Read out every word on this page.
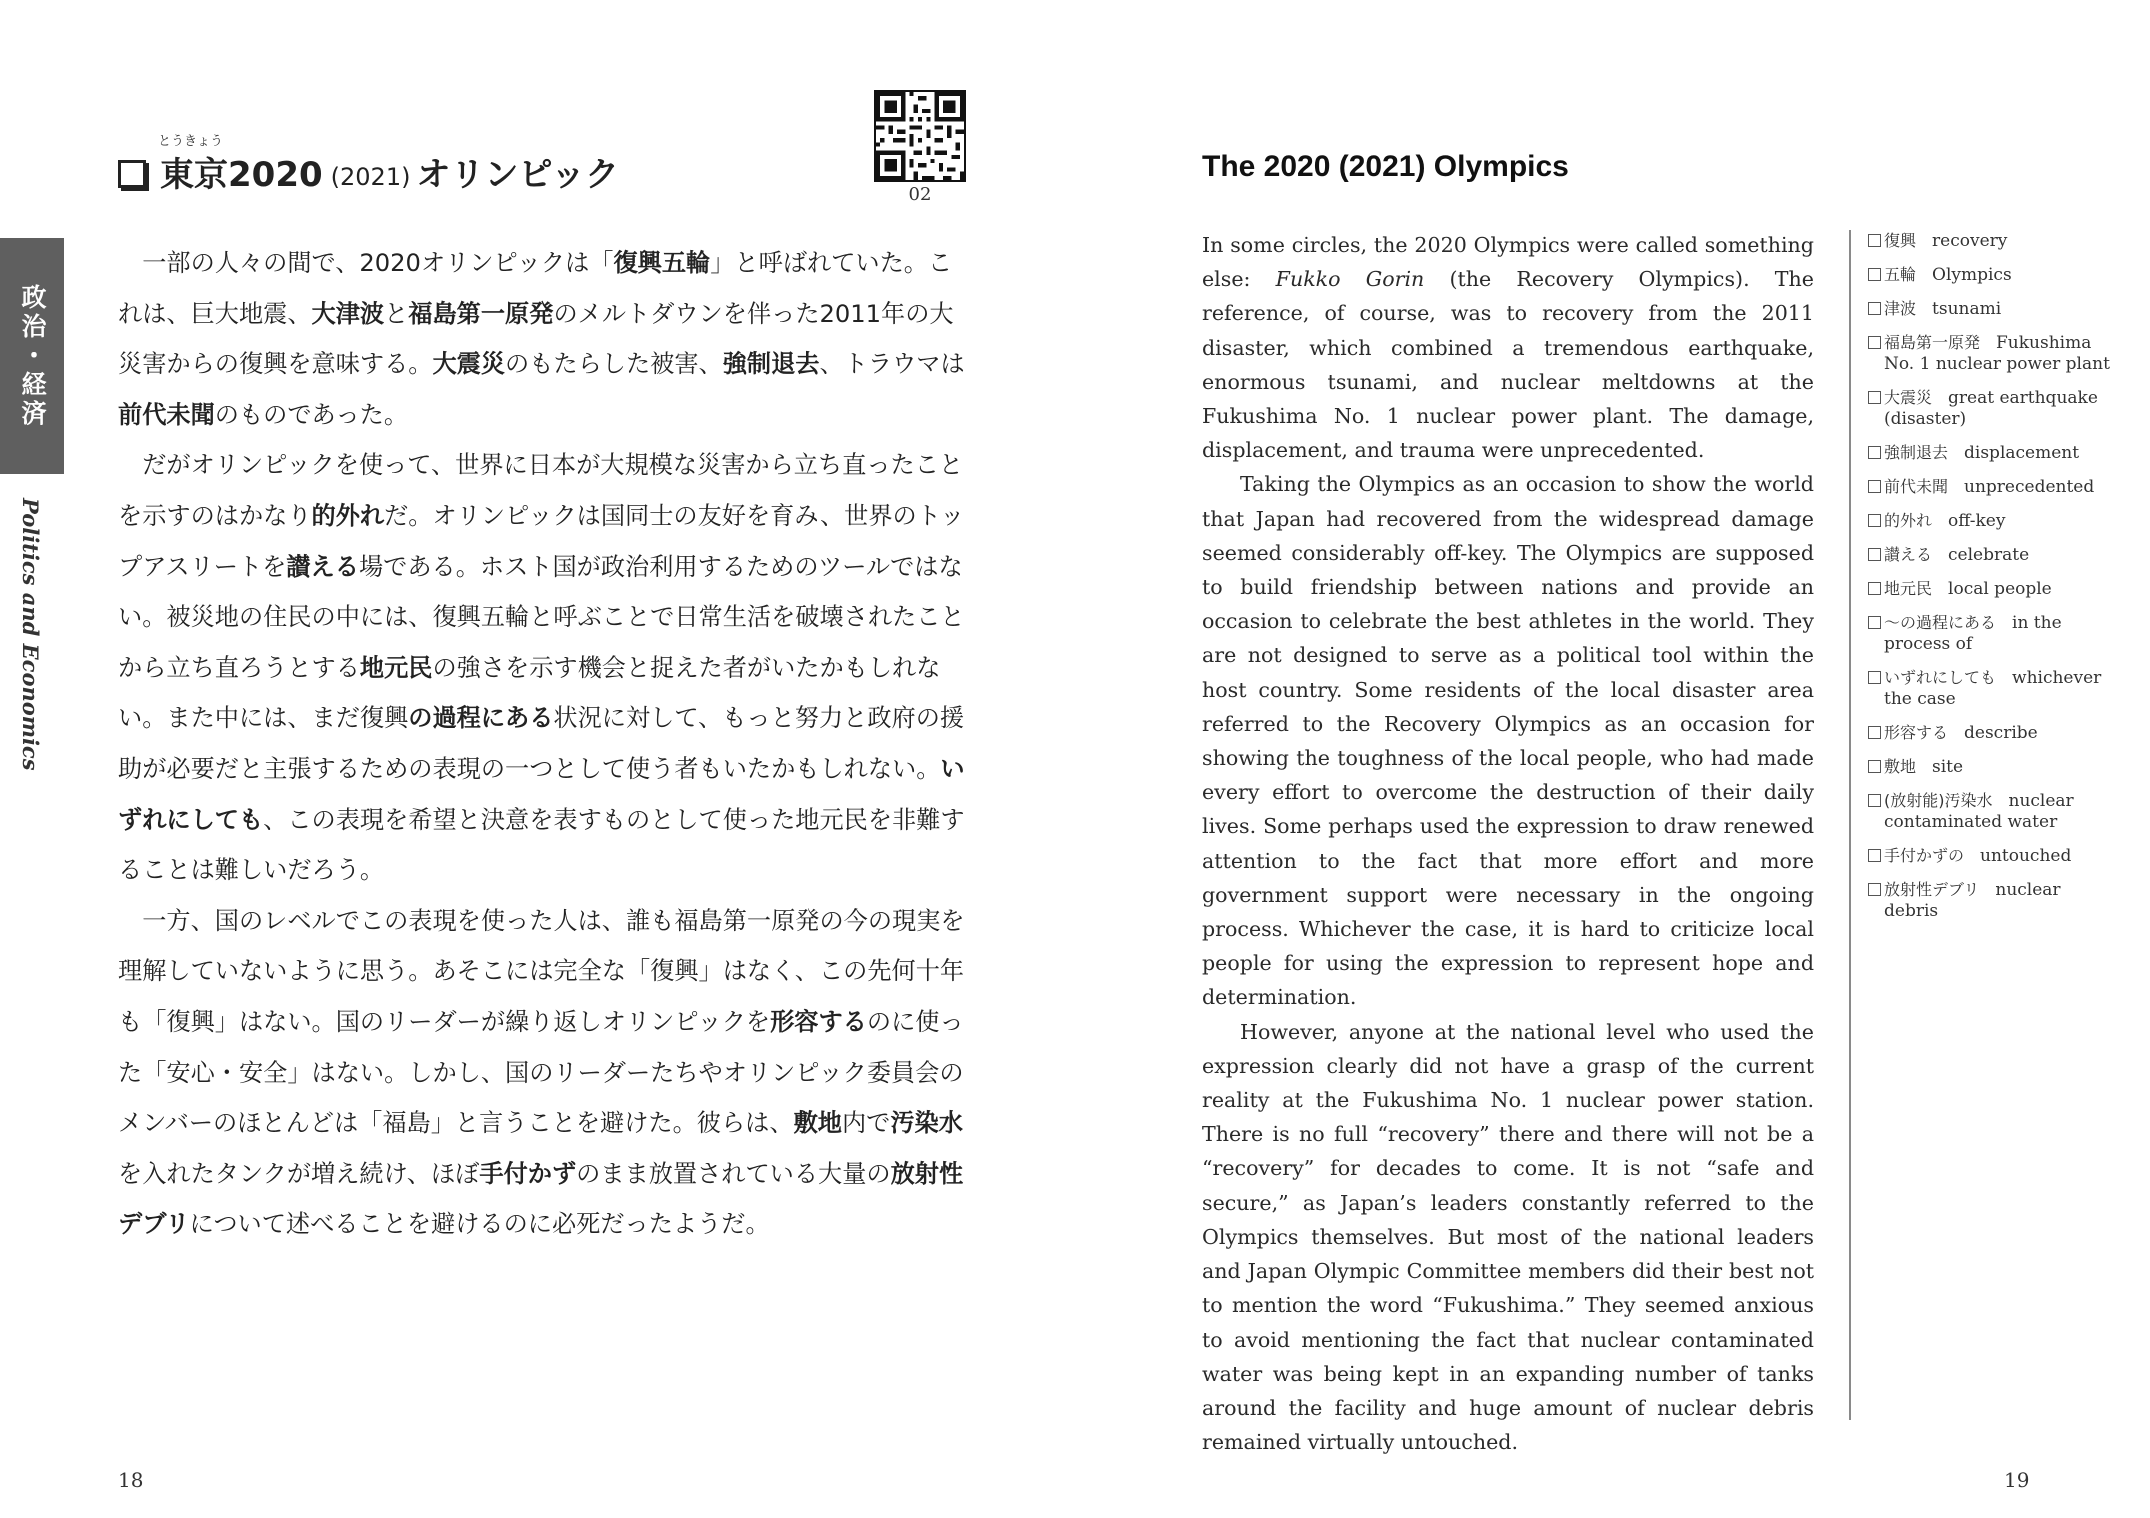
とうきょう
東京2020 (2021) オリンピック	02
政治・経済
Politics and Economics

一部の人々の間で、2020オリンピックは「復興五輪」と呼ばれていた。これは、巨大地震、大津波と福島第一原発のメルトダウンを伴った2011年の大災害からの復興を意味する。大震災のもたらした被害、強制退去、トラウマは前代未聞のものであった。

だがオリンピックを使って、世界に日本が大規模な災害から立ち直ったことを示すのはかなり的外れだ。オリンピックは国同士の友好を育み、世界のトップアスリートを讃える場である。ホスト国が政治利用するためのツールではない。被災地の住民の中には、復興五輪と呼ぶことで日常生活を破壊されたことから立ち直ろうとする地元民の強さを示す機会と捉えた者がいたかもしれない。また中には、まだ復興の過程にある状況に対して、もっと努力と政府の援助が必要だと主張するための表現の一つとして使う者もいたかもしれない。いずれにしても、この表現を希望と決意を表すものとして使った地元民を非難することは難しいだろう。

一方、国のレベルでこの表現を使った人は、誰も福島第一原発の今の現実を理解していないように思う。あそこには完全な「復興」はなく、この先何十年も「復興」はない。国のリーダーが繰り返しオリンピックを形容するのに使った「安心・安全」はない。しかし、国のリーダーたちやオリンピック委員会のメンバーのほとんどは「福島」と言うことを避けた。彼らは、敷地内で汚染水を入れたタンクが増え続け、ほぼ手付かずのまま放置されている大量の放射性デブリについて述べることを避けるのに必死だったようだ。

18
The 2020 (2021) Olympics

In some circles, the 2020 Olympics were called something else: Fukko Gorin (the Recovery Olympics). The reference, of course, was to recovery from the 2011 disaster, which combined a tremendous earthquake, enormous tsunami, and nuclear meltdowns at the Fukushima No. 1 nuclear power plant. The damage, displacement, and trauma were unprecedented.

Taking the Olympics as an occasion to show the world that Japan had recovered from the widespread damage seemed considerably off-key. The Olympics are supposed to build friendship between nations and provide an occasion to celebrate the best athletes in the world. They are not designed to serve as a political tool within the host country. Some residents of the local disaster area referred to the Recovery Olympics as an occasion for showing the toughness of the local people, who had made every effort to overcome the destruction of their daily lives. Some perhaps used the expression to draw renewed attention to the fact that more effort and more government support were necessary in the ongoing process. Whichever the case, it is hard to criticize local people for using the expression to represent hope and determination.

However, anyone at the national level who used the expression clearly did not have a grasp of the current reality at the Fukushima No. 1 nuclear power station. There is no full “recovery” there and there will not be a “recovery” for decades to come. It is not “safe and secure,” as Japan’s leaders constantly referred to the Olympics themselves. But most of the national leaders and Japan Olympic Committee members did their best not to mention the word “Fukushima.” They seemed anxious to avoid mentioning the fact that nuclear contaminated water was being kept in an expanding number of tanks around the facility and huge amount of nuclear debris remained virtually untouched.

復興 recovery
五輪 Olympics
津波 tsunami
福島第一原発 Fukushima No. 1 nuclear power plant
大震災 great earthquake (disaster)
強制退去 displacement
前代未聞 unprecedented
的外れ off-key
讃える celebrate
地元民 local people
〜の過程にある in the process of
いずれにしても whichever the case
形容する describe
敷地 site
(放射能)汚染水 nuclear contaminated water
手付かずの untouched
放射性デブリ nuclear debris
19
